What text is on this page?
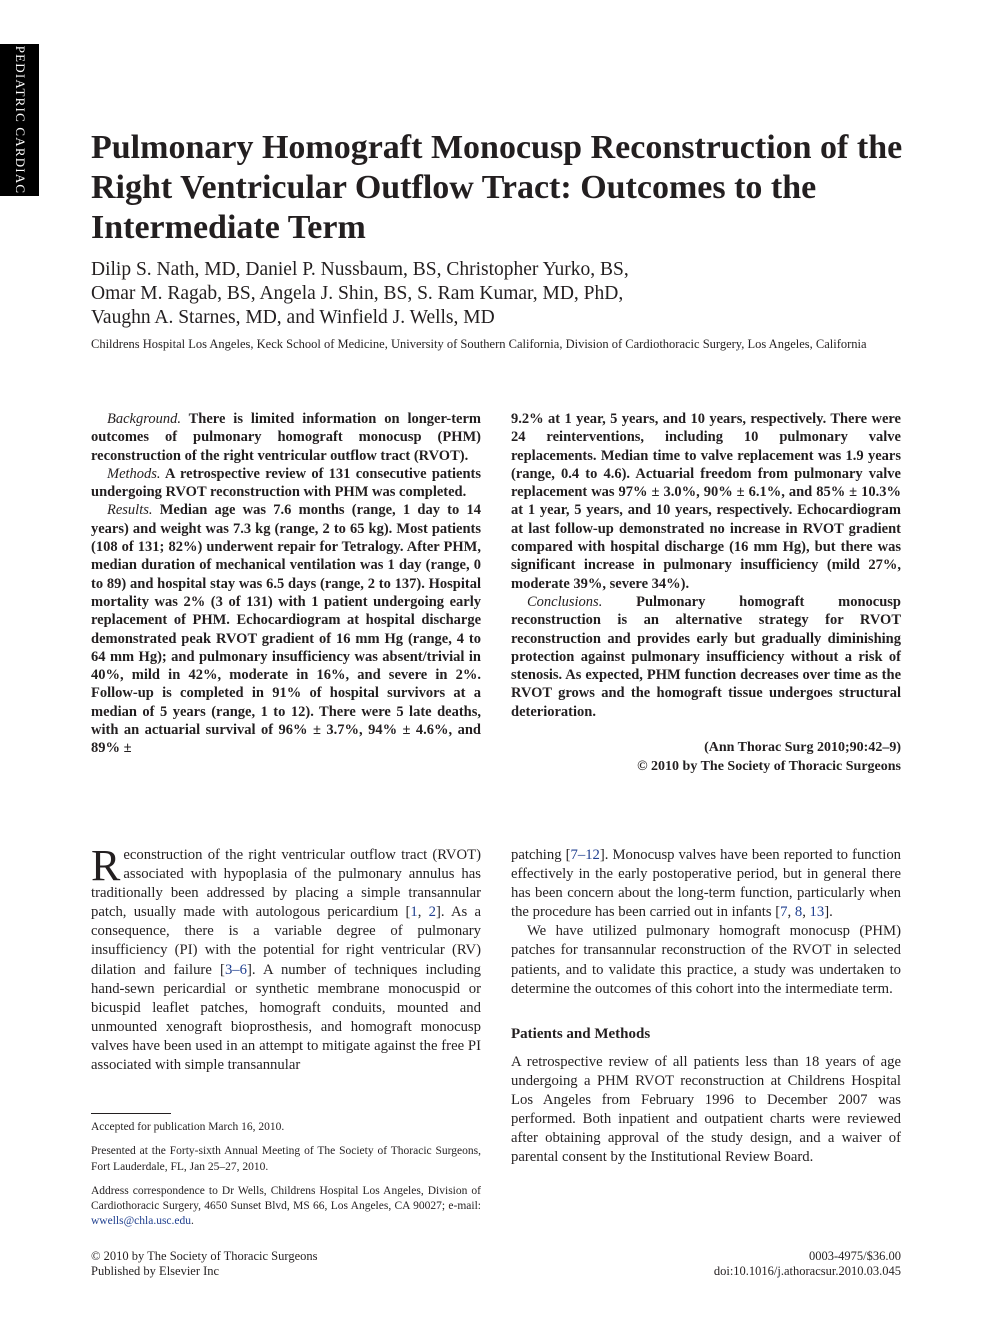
PEDIATRIC CARDIAC Pulmonary Homograft Monocusp Reconstruction of the Right Ventricular Outflow Tract: Outcomes to the Intermediate Term
Dilip S. Nath, MD, Daniel P. Nussbaum, BS, Christopher Yurko, BS,
Omar M. Ragab, BS, Angela J. Shin, BS, S. Ram Kumar, MD, PhD,
Vaughn A. Starnes, MD, and Winfield J. Wells, MD
Childrens Hospital Los Angeles, Keck School of Medicine, University of Southern California, Division of Cardiothoracic Surgery, Los Angeles, California

Background. There is limited information on longer-term outcomes of pulmonary homograft monocusp (PHM) reconstruction of the right ventricular outflow tract (RVOT).

Methods. A retrospective review of 131 consecutive patients undergoing RVOT reconstruction with PHM was completed.

Results. Median age was 7.6 months (range, 1 day to 14 years) and weight was 7.3 kg (range, 2 to 65 kg). Most patients (108 of 131; 82%) underwent repair for Tetralogy. After PHM, median duration of mechanical ventilation was 1 day (range, 0 to 89) and hospital stay was 6.5 days (range, 2 to 137). Hospital mortality was 2% (3 of 131) with 1 patient undergoing early replacement of PHM. Echocardiogram at hospital discharge demonstrated peak RVOT gradient of 16 mm Hg (range, 4 to 64 mm Hg); and pulmonary insufficiency was absent/trivial in 40%, mild in 42%, moderate in 16%, and severe in 2%. Follow-up is completed in 91% of hospital survivors at a median of 5 years (range, 1 to 12). There were 5 late deaths, with an actuarial survival of 96% ± 3.7%, 94% ± 4.6%, and 89% ±

9.2% at 1 year, 5 years, and 10 years, respectively. There were 24 reinterventions, including 10 pulmonary valve replacements. Median time to valve replacement was 1.9 years (range, 0.4 to 4.6). Actuarial freedom from pulmonary valve replacement was 97% ± 3.0%, 90% ± 6.1%, and 85% ± 10.3% at 1 year, 5 years, and 10 years, respectively. Echocardiogram at last follow-up demonstrated no increase in RVOT gradient compared with hospital discharge (16 mm Hg), but there was significant increase in pulmonary insufficiency (mild 27%, moderate 39%, severe 34%).

Conclusions. Pulmonary homograft monocusp reconstruction is an alternative strategy for RVOT reconstruction and provides early but gradually diminishing protection against pulmonary insufficiency without a risk of stenosis. As expected, PHM function decreases over time as the RVOT grows and the homograft tissue undergoes structural deterioration.

(Ann Thorac Surg 2010;90:42–9)
© 2010 by The Society of Thoracic Surgeons

Reconstruction of the right ventricular outflow tract (RVOT) associated with hypoplasia of the pulmonary annulus has traditionally been addressed by placing a simple transannular patch, usually made with autologous pericardium [1, 2]. As a consequence, there is a variable degree of pulmonary insufficiency (PI) with the potential for right ventricular (RV) dilation and failure [3–6]. A number of techniques including hand-sewn pericardial or synthetic membrane monocuspid or bicuspid leaflet patches, homograft conduits, mounted and unmounted xenograft bioprosthesis, and homograft monocusp valves have been used in an attempt to mitigate against the free PI associated with simple transannular

patching [7–12]. Monocusp valves have been reported to function effectively in the early postoperative period, but in general there has been concern about the long-term function, particularly when the procedure has been carried out in infants [7, 8, 13].

We have utilized pulmonary homograft monocusp (PHM) patches for transannular reconstruction of the RVOT in selected patients, and to validate this practice, a study was undertaken to determine the outcomes of this cohort into the intermediate term.

Patients and Methods

A retrospective review of all patients less than 18 years of age undergoing a PHM RVOT reconstruction at Childrens Hospital Los Angeles from February 1996 to December 2007 was performed. Both inpatient and outpatient charts were reviewed after obtaining approval of the study design, and a waiver of parental consent by the Institutional Review Board.

Accepted for publication March 16, 2010.

Presented at the Forty-sixth Annual Meeting of The Society of Thoracic Surgeons, Fort Lauderdale, FL, Jan 25–27, 2010.

Address correspondence to Dr Wells, Childrens Hospital Los Angeles, Division of Cardiothoracic Surgery, 4650 Sunset Blvd, MS 66, Los Angeles, CA 90027; e-mail: wwells@chla.usc.edu.

© 2010 by The Society of Thoracic Surgeons
Published by Elsevier Inc
0003-4975/$36.00
doi:10.1016/j.athoracsur.2010.03.045
